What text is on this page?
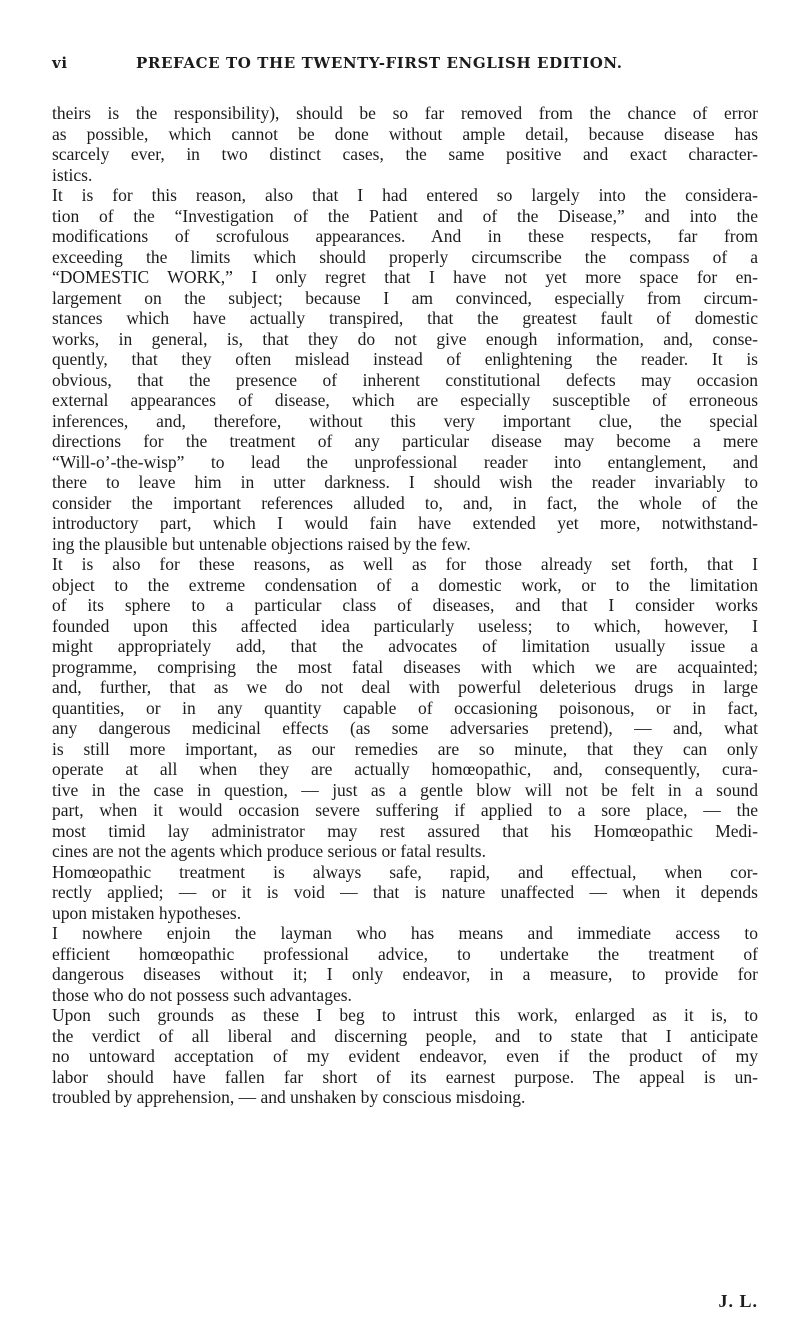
vi	PREFACE TO THE TWENTY-FIRST ENGLISH EDITION.
theirs is the responsibility), should be so far removed from the chance of error
as possible, which cannot be done without ample detail, because disease has
scarcely ever, in two distinct cases, the same positive and exact character-
istics.
It is for this reason, also that I had entered so largely into the considera-
tion of the “Investigation of the Patient and of the Disease,” and into the
modifications of scrofulous appearances. And in these respects, far from
exceeding the limits which should properly circumscribe the compass of a
“DOMESTIC WORK,” I only regret that I have not yet more space for en-
largement on the subject; because I am convinced, especially from circum-
stances which have actually transpired, that the greatest fault of domestic
works, in general, is, that they do not give enough information, and, conse-
quently, that they often mislead instead of enlightening the reader. It is
obvious, that the presence of inherent constitutional defects may occasion
external appearances of disease, which are especially susceptible of erroneous
inferences, and, therefore, without this very important clue, the special
directions for the treatment of any particular disease may become a mere
“Will-o’-the-wisp” to lead the unprofessional reader into entanglement, and
there to leave him in utter darkness. I should wish the reader invariably to
consider the important references alluded to, and, in fact, the whole of the
introductory part, which I would fain have extended yet more, notwithstand-
ing the plausible but untenable objections raised by the few.
It is also for these reasons, as well as for those already set forth, that I
object to the extreme condensation of a domestic work, or to the limitation
of its sphere to a particular class of diseases, and that I consider works
founded upon this affected idea particularly useless; to which, however, I
might appropriately add, that the advocates of limitation usually issue a
programme, comprising the most fatal diseases with which we are acquainted;
and, further, that as we do not deal with powerful deleterious drugs in large
quantities, or in any quantity capable of occasioning poisonous, or in fact,
any dangerous medicinal effects (as some adversaries pretend), — and, what
is still more important, as our remedies are so minute, that they can only
operate at all when they are actually homœopathic, and, consequently, cura-
tive in the case in question, — just as a gentle blow will not be felt in a sound
part, when it would occasion severe suffering if applied to a sore place, — the
most timid lay administrator may rest assured that his Homœopathic Medi-
cines are not the agents which produce serious or fatal results.
Homœopathic treatment is always safe, rapid, and effectual, when cor-
rectly applied; — or it is void — that is nature unaffected — when it depends
upon mistaken hypotheses.
I nowhere enjoin the layman who has means and immediate access to
efficient homœopathic professional advice, to undertake the treatment of
dangerous diseases without it; I only endeavor, in a measure, to provide for
those who do not possess such advantages.
Upon such grounds as these I beg to intrust this work, enlarged as it is, to
the verdict of all liberal and discerning people, and to state that I anticipate
no untoward acceptation of my evident endeavor, even if the product of my
labor should have fallen far short of its earnest purpose. The appeal is un-
troubled by apprehension, — and unshaken by conscious misdoing.
J. L.
